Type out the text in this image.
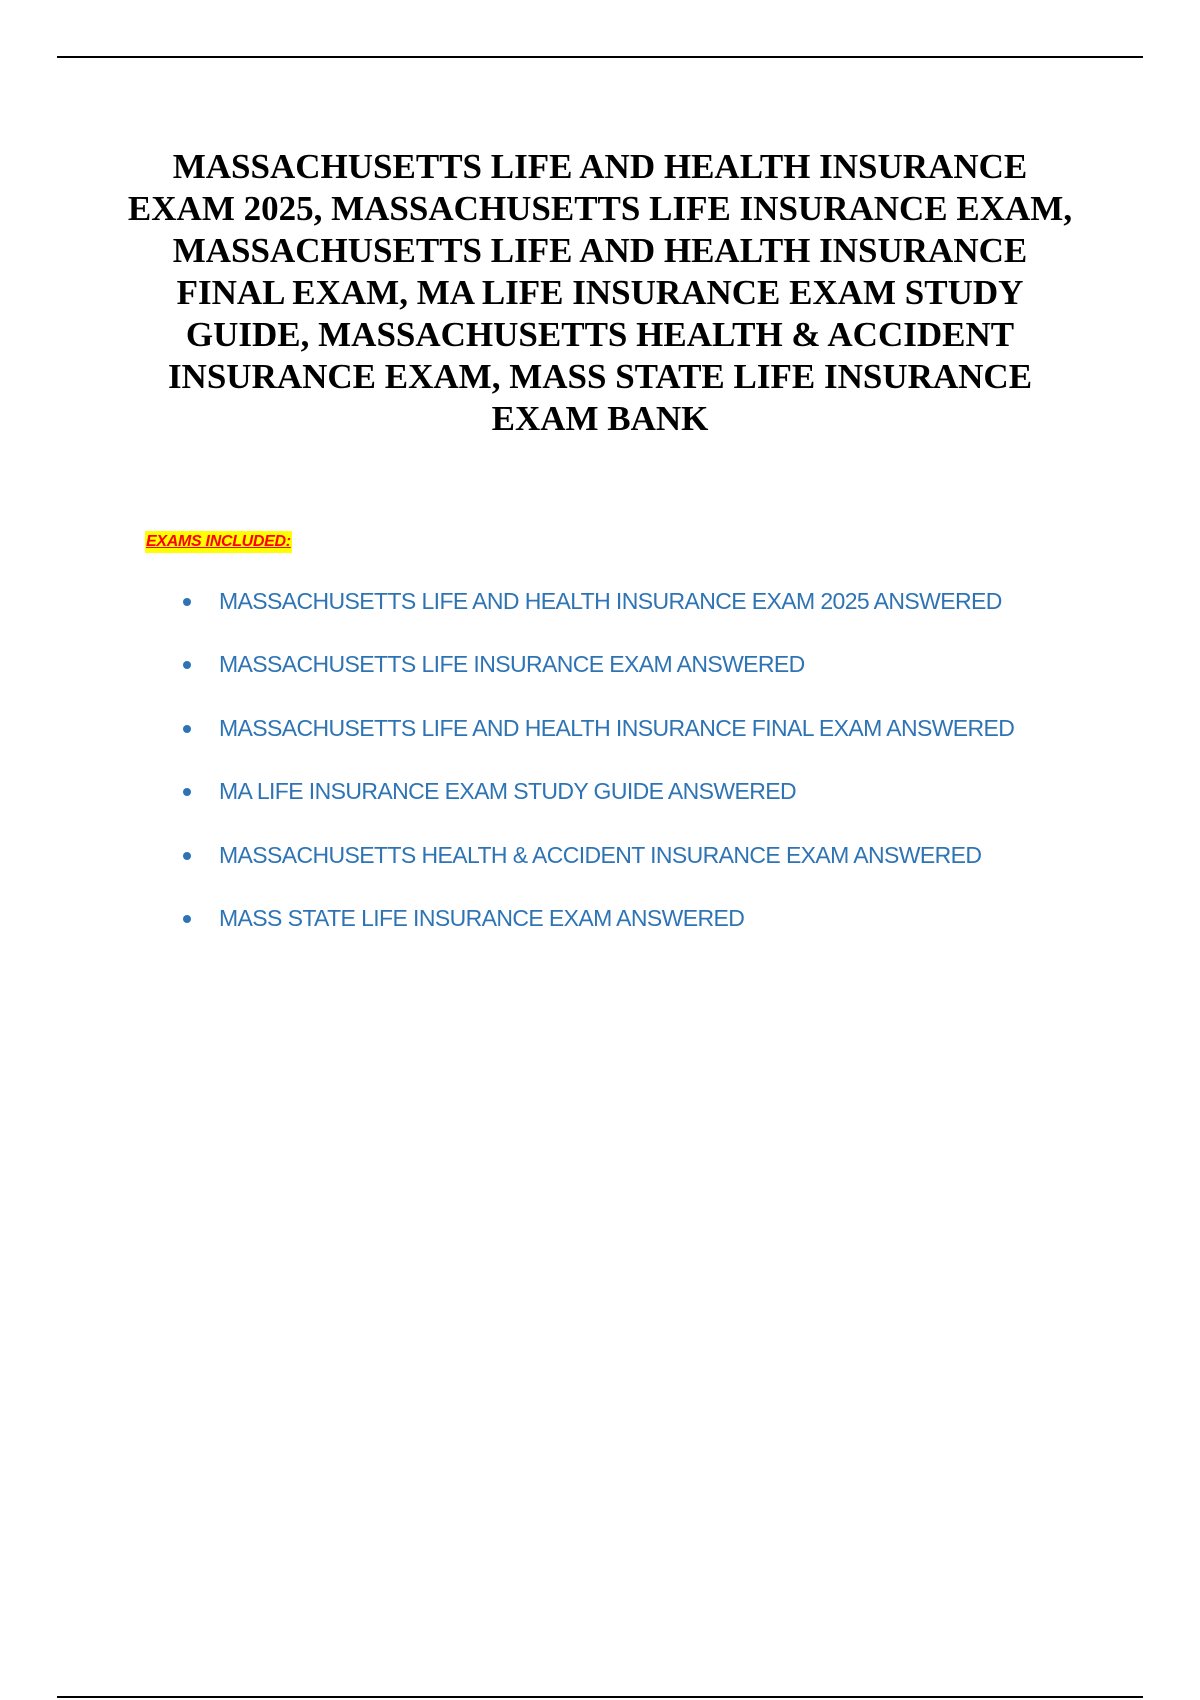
MASSACHUSETTS LIFE AND HEALTH INSURANCE EXAM 2025, MASSACHUSETTS LIFE INSURANCE EXAM, MASSACHUSETTS LIFE AND HEALTH INSURANCE FINAL EXAM, MA LIFE INSURANCE EXAM STUDY GUIDE, MASSACHUSETTS HEALTH & ACCIDENT INSURANCE EXAM, MASS STATE LIFE INSURANCE EXAM BANK
EXAMS INCLUDED:
MASSACHUSETTS LIFE AND HEALTH INSURANCE EXAM 2025 ANSWERED
MASSACHUSETTS LIFE INSURANCE EXAM ANSWERED
MASSACHUSETTS LIFE AND HEALTH INSURANCE FINAL EXAM ANSWERED
MA LIFE INSURANCE EXAM STUDY GUIDE ANSWERED
MASSACHUSETTS HEALTH & ACCIDENT INSURANCE EXAM ANSWERED
MASS STATE LIFE INSURANCE EXAM ANSWERED
